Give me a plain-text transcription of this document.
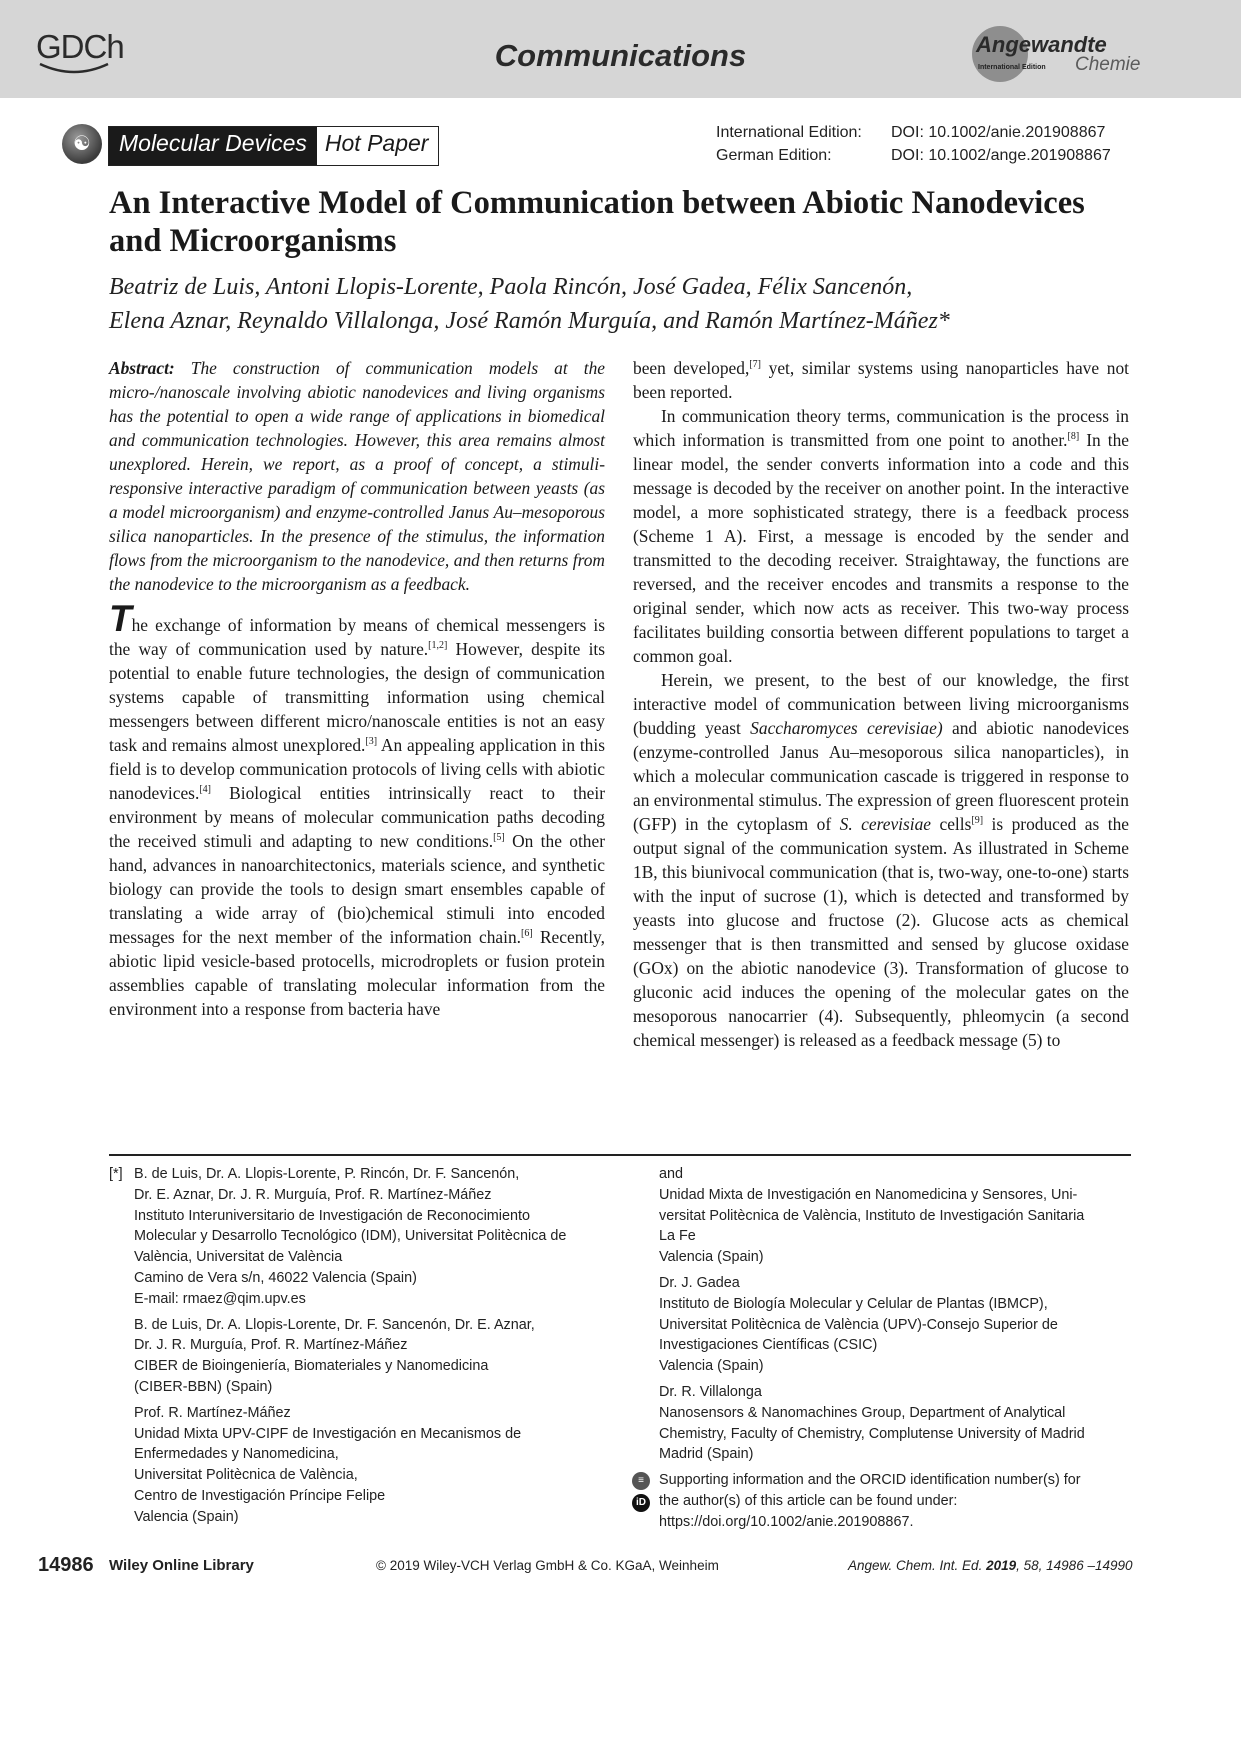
GDCh	Communications	Angewandte
Chemie
International Edition
☯	Molecular Devices Hot Paper	International Edition: DOI: 10.1002/anie.201908867
German Edition:	DOI: 10.1002/ange.201908867
An Interactive Model of Communication between Abiotic Nanodevices and Microorganisms
Beatriz de Luis, Antoni Llopis-Lorente, Paola Rincón, José Gadea, Félix Sancenón,
Elena Aznar, Reynaldo Villalonga, José Ramón Murguía, and Ramón Martínez-Máñez*

Abstract: The construction of communication models at the micro-/nanoscale involving abiotic nanodevices and living organisms has the potential to open a wide range of applications in biomedical and communication technologies. However, this area remains almost unexplored. Herein, we report, as a proof of concept, a stimuli-responsive interactive paradigm of communication between yeasts (as a model microorganism) and enzyme-controlled Janus Au–mesoporous silica nanoparticles. In the presence of the stimulus, the information flows from the microorganism to the nanodevice, and then returns from the nanodevice to the microorganism as a feedback.

The exchange of information by means of chemical messengers is the way of communication used by nature.[1,2] However, despite its potential to enable future technologies, the design of communication systems capable of transmitting information using chemical messengers between different micro/nanoscale entities is not an easy task and remains almost unexplored.[3] An appealing application in this field is to develop communication protocols of living cells with abiotic nanodevices.[4] Biological entities intrinsically react to their environment by means of molecular communication paths decoding the received stimuli and adapting to new conditions.[5] On the other hand, advances in nanoarchitectonics, materials science, and synthetic biology can provide the tools to design smart ensembles capable of translating a wide array of (bio)chemical stimuli into encoded messages for the next member of the information chain.[6] Recently, abiotic lipid vesicle-based protocells, microdroplets or fusion protein assemblies capable of translating molecular information from the environment into a response from bacteria have

been developed,[7] yet, similar systems using nanoparticles have not been reported.

In communication theory terms, communication is the process in which information is transmitted from one point to another.[8] In the linear model, the sender converts information into a code and this message is decoded by the receiver on another point. In the interactive model, a more sophisticated strategy, there is a feedback process (Scheme 1 A). First, a message is encoded by the sender and transmitted to the decoding receiver. Straightaway, the functions are reversed, and the receiver encodes and transmits a response to the original sender, which now acts as receiver. This two-way process facilitates building consortia between different populations to target a common goal.

Herein, we present, to the best of our knowledge, the first interactive model of communication between living microorganisms (budding yeast Saccharomyces cerevisiae) and abiotic nanodevices (enzyme-controlled Janus Au–mesoporous silica nanoparticles), in which a molecular communication cascade is triggered in response to an environmental stimulus. The expression of green fluorescent protein (GFP) in the cytoplasm of S. cerevisiae cells[9] is produced as the output signal of the communication system. As illustrated in Scheme 1B, this biunivocal communication (that is, two-way, one-to-one) starts with the input of sucrose (1), which is detected and transformed by yeasts into glucose and fructose (2). Glucose acts as chemical messenger that is then transmitted and sensed by glucose oxidase (GOx) on the abiotic nanodevice (3). Transformation of glucose to gluconic acid induces the opening of the molecular gates on the mesoporous nanocarrier (4). Subsequently, phleomycin (a second chemical messenger) is released as a feedback message (5) to

[*] B. de Luis, Dr. A. Llopis-Lorente, P. Rincón, Dr. F. Sancenón,
Dr. E. Aznar, Dr. J. R. Murguía, Prof. R. Martínez-Máñez
Instituto Interuniversitario de Investigación de Reconocimiento
Molecular y Desarrollo Tecnológico (IDM), Universitat Politècnica de
València, Universitat de València
Camino de Vera s/n, 46022 Valencia (Spain)
E-mail: rmaez@qim.upv.es
B. de Luis, Dr. A. Llopis-Lorente, Dr. F. Sancenón, Dr. E. Aznar,
Dr. J. R. Murguía, Prof. R. Martínez-Máñez
CIBER de Bioingeniería, Biomateriales y Nanomedicina
(CIBER-BBN) (Spain)
Prof. R. Martínez-Máñez
Unidad Mixta UPV-CIPF de Investigación en Mecanismos de
Enfermedades y Nanomedicina,
Universitat Politècnica de València,
Centro de Investigación Príncipe Felipe
Valencia (Spain)
and
Unidad Mixta de Investigación en Nanomedicina y Sensores, Uni-
versitat Politècnica de València, Instituto de Investigación Sanitaria
La Fe
Valencia (Spain)
Dr. J. Gadea
Instituto de Biología Molecular y Celular de Plantas (IBMCP),
Universitat Politècnica de València (UPV)-Consejo Superior de
Investigaciones Científicas (CSIC)
Valencia (Spain)
Dr. R. Villalonga
Nanosensors & Nanomachines Group, Department of Analytical
Chemistry, Faculty of Chemistry, Complutense University of Madrid
Madrid (Spain)
≡
iD
Supporting information and the ORCID identification number(s) for
the author(s) of this article can be found under:
https://doi.org/10.1002/anie.201908867.
14986 Wiley Online Library	© 2019 Wiley-VCH Verlag GmbH & Co. KGaA, Weinheim	Angew. Chem. Int. Ed. 2019, 58, 14986 –14990
